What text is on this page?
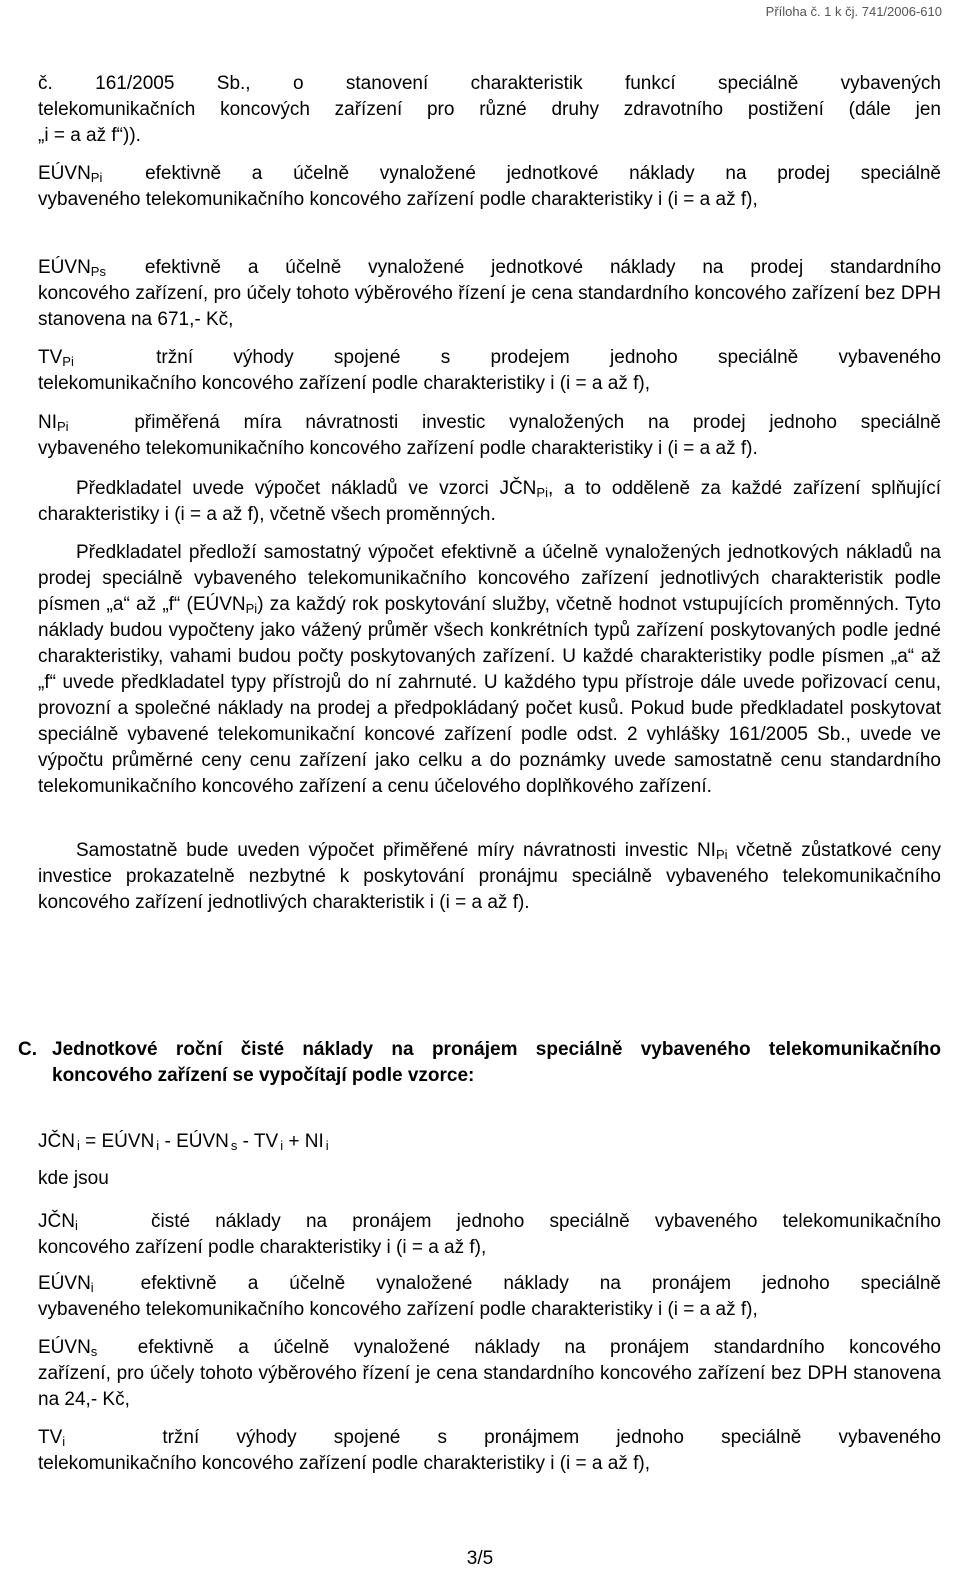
Příloha č. 1 k čj. 741/2006-610
č. 161/2005 Sb., o stanovení charakteristik funkcí speciálně vybavených
telekomunikačních koncových zařízení pro různé druhy zdravotního postižení (dále jen
„i = a až f“)).
$EÚVN_{Pi}$ efektivně a účelně vynaložené jednotkové náklady na prodej speciálně
vybaveného telekomunikačního koncového zařízení podle charakteristiky i (i = a až f),
$EÚVN_{Ps}$ efektivně a účelně vynaložené jednotkové náklady na prodej standardního
koncového zařízení, pro účely tohoto výběrového řízení je cena standardního koncového zařízení bez DPH stanovena na 671,- Kč,
$TV_{Pi}$	tržní výhody spojené s prodejem jednoho speciálně vybaveného
telekomunikačního koncového zařízení podle charakteristiky i (i = a až f),
$NI_{Pi}$	přiměřená míra návratnosti investic vynaložených na prodej jednoho speciálně
vybaveného telekomunikačního koncového zařízení podle charakteristiky i (i = a až f).
Předkladatel uvede výpočet nákladů ve vzorci $JČN_{Pi}$, a to odděleně za každé zařízení splňující charakteristiky i (i = a až f), včetně všech proměnných.
Předkladatel předloží samostatný výpočet efektivně a účelně vynaložených jednotkových nákladů na prodej speciálně vybaveného telekomunikačního koncového zařízení jednotlivých charakteristik podle písmen „a“ až „f“ $(EÚVN_{Pi})$ za každý rok poskytování služby, včetně hodnot vstupujících proměnných. Tyto náklady budou vypočteny jako vážený průměr všech konkrétních typů zařízení poskytovaných podle jedné charakteristiky, vahami budou počty poskytovaných zařízení. U každé charakteristiky podle písmen „a“ až „f“ uvede předkladatel typy přístrojů do ní zahrnuté. U každého typu přístroje dále uvede pořizovací cenu, provozní a společné náklady na prodej a předpokládaný počet kusů. Pokud bude předkladatel poskytovat speciálně vybavené telekomunikační koncové zařízení podle odst. 2 vyhlášky 161/2005 Sb., uvede ve výpočtu průměrné ceny cenu zařízení jako celku a do poznámky uvede samostatně cenu standardního telekomunikačního koncového zařízení a cenu účelového doplňkového zařízení.
Samostatně bude uveden výpočet přiměřené míry návratnosti investic $NI_{Pi}$ včetně zůstatkové ceny investice prokazatelně nezbytné k poskytování pronájmu speciálně vybaveného telekomunikačního koncového zařízení jednotlivých charakteristik i (i = a až f).
C. Jednotkové roční čisté náklady na pronájem speciálně vybaveného telekomunikačního koncového zařízení se vypočítají podle vzorce:
JČN $_i$ = EÚVN $_i$ - EÚVN $_s$ - TV $_i$ + NI $_i$
kde jsou
$JČN_i$	čisté náklady na pronájem jednoho speciálně vybaveného telekomunikačního
koncového zařízení podle charakteristiky i (i = a až f),
$EÚVN_i$ efektivně a účelně vynaložené náklady na pronájem jednoho speciálně
vybaveného telekomunikačního koncového zařízení podle charakteristiky i (i = a až f),
$EÚVN_s$ efektivně a účelně vynaložené náklady na pronájem standardního koncového
zařízení, pro účely tohoto výběrového řízení je cena standardního koncového zařízení bez DPH stanovena na 24,- Kč,
$TV_i$	tržní výhody spojené s pronájmem jednoho speciálně vybaveného
telekomunikačního koncového zařízení podle charakteristiky i (i = a až f),
3/5
